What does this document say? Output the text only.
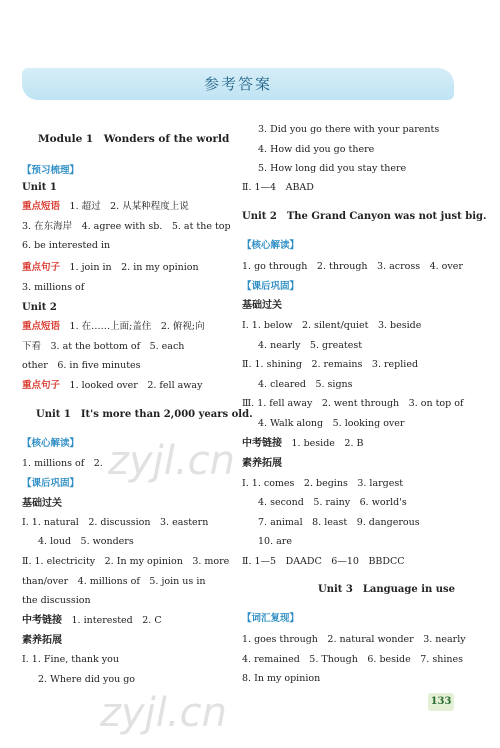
参考答案
Module 1　Wonders of the world
【预习梳理】
Unit 1
重点短语　 1. 超过　2. 从某种程度上说
3. 在东海岸　4. agree with sb.　5. at the top
6. be interested in
重点句子　 1. join in　2. in my opinion
3. millions of
Unit 2
重点短语　 1. 在……上面;盖住　2. 俯视;向
下看　3. at the bottom of　5. each
other　6. in five minutes
重点句子　 1. looked over　2. fell away
Unit 1　It's more than 2,000 years old.
【核心解读】
1. millions of　2.
【课后巩固】
基础过关
Ⅰ. 1. natural　2. discussion　3. eastern
4. loud　5. wonders
Ⅱ. 1. electricity　2. In my opinion　3. more
than/over　4. millions of　5. join us in
the discussion
中考链接　 1. interested　2. C
素养拓展
Ⅰ. 1. Fine, thank you
2. Where did you go
3. Did you go there with your parents
4. How did you go there
5. How long did you stay there
Ⅱ. 1—4　ABAD
Unit 2　The Grand Canyon was not just big.
【核心解读】
1. go through　2. through　3. across　4. over
【课后巩固】
基础过关
Ⅰ. 1. below　2. silent/quiet　3. beside
4. nearly　5. greatest
Ⅱ. 1. shining　2. remains　3. replied
4. cleared　5. signs
Ⅲ. 1. fell away　2. went through　3. on top of
4. Walk along　5. looking over
中考链接　 1. beside　2. B
素养拓展
Ⅰ. 1. comes　2. begins　3. largest
4. second　5. rainy　6. world's
7. animal　8. least　9. dangerous
10. are
Ⅱ. 1—5　DAADC　6—10　BBDCC
Unit 3　Language in use
【词汇复现】
1. goes through　2. natural wonder　3. nearly
4. remained　5. Though　6. beside　7. shines
8. In my opinion
133
zyjl.cn
zyjl.cn
